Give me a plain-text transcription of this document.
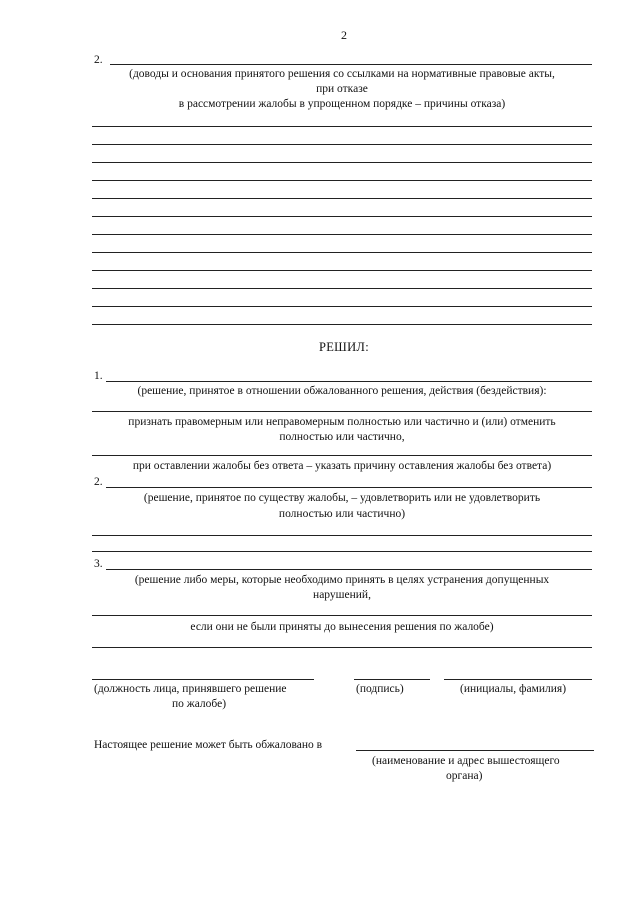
2
2.
(доводы и основания принятого решения со ссылками на нормативные правовые акты,
при отказе
в рассмотрении жалобы в упрощенном порядке – причины отказа)
РЕШИЛ:
1.
(решение, принятое в отношении обжалованного решения, действия (бездействия):
признать правомерным или неправомерным полностью или частично и (или) отменить
полностью или частично,
при оставлении жалобы без ответа – указать причину оставления жалобы без ответа)
2.
(решение, принятое по существу жалобы, – удовлетворить или не удовлетворить
полностью или частично)
3.
(решение либо меры, которые необходимо принять в целях устранения допущенных
нарушений,
если они не были приняты до вынесения решения по жалобе)
(должность лица, принявшего решение
по жалобе)
(подпись)	(инициалы, фамилия)
Настоящее решение может быть обжаловано в
(наименование и адрес вышестоящего
органа)
